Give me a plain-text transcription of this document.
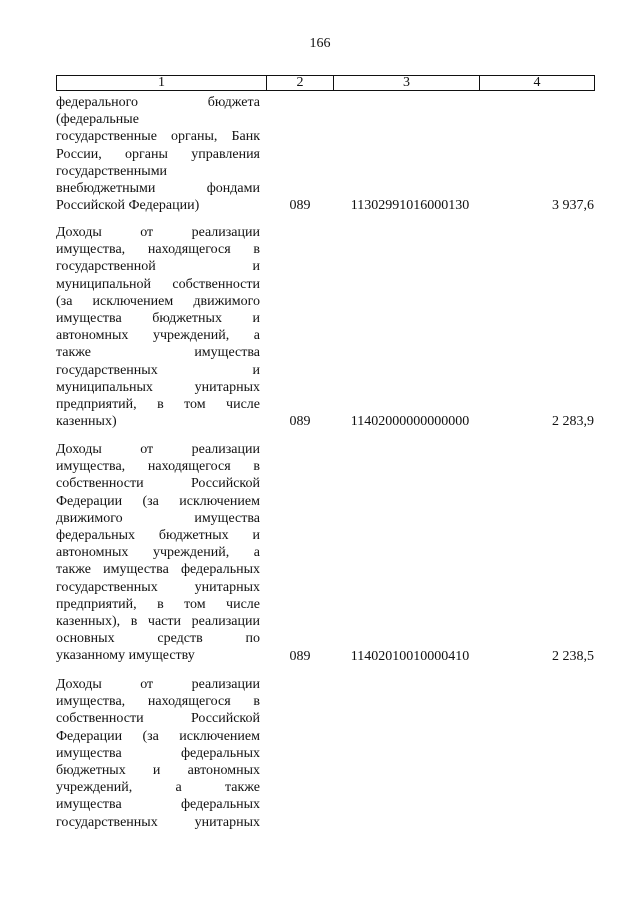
166
1	2	3	4
федерального бюджета
(федеральные
государственные органы, Банк
России, органы управления
государственными
внебюджетными фондами
Российской Федерации)	089	11302991016000130	3 937,6
Доходы от реализации
имущества, находящегося в
государственной и
муниципальной собственности
(за исключением движимого
имущества бюджетных и
автономных учреждений, а
также имущества
государственных и
муниципальных унитарных
предприятий, в том числе
казенных)	089	11402000000000000	2 283,9
Доходы от реализации
имущества, находящегося в
собственности Российской
Федерации (за исключением
движимого имущества
федеральных бюджетных и
автономных учреждений, а
также имущества федеральных
государственных унитарных
предприятий, в том числе
казенных), в части реализации
основных средств по
указанному имуществу	089	11402010010000410	2 238,5
Доходы от реализации
имущества, находящегося в
собственности Российской
Федерации (за исключением
имущества федеральных
бюджетных и автономных
учреждений, а также
имущества федеральных
государственных унитарных
